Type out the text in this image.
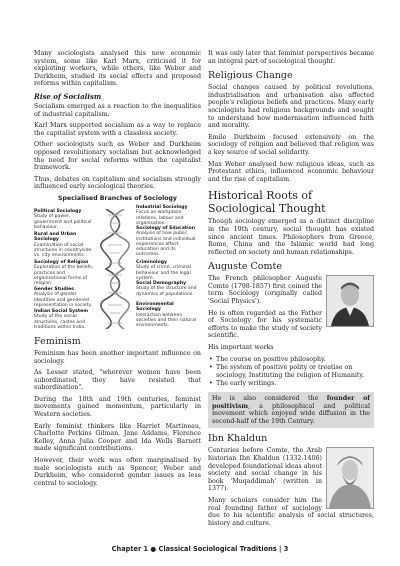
Many sociologists analysed this new economic system, some like Karl Marx, criticised it for exploiting workers, while others, like Weber and Durkheim, studied its social effects and proposed reforms within capitalism.

Rise of Socialism

Socialism emerged as a reaction to the inequalities of industrial capitalism.

Karl Marx supported socialism as a way to replace the capitalist system with a classless society.

Other sociologists such as Weber and Durkheim opposed revolutionary socialism but acknowledged the need for social reforms within the capitalist framework.

Thus, debates on capitalism and socialism strongly influenced early sociological theories.

Specialised Branches of Sociology
Political Sociology
Study of power, government and political behaviour.
Rural and Urban Sociology
Examination of social structures in countryside vs. city environments.
Sociology of Religion
Exploration of the beliefs, practices and organisational forms of religion.
Gender Studies
Analysis of gender identities and gendered representation in society.
Indian Social System
Study of the social structures, castes and traditions within India.
Industrial Sociology
Focus on workplace relations, labour and organisation.
Sociology of Education
Analysis of how public institutions and individual experiences affect education and its outcomes.
Criminology
Study of crime, criminal behaviour and the legal system.
Social Demography
Study of the structure and dynamics of populations.
Environmental Sociology
Interaction between societies and their natural environments.
Feminism

Feminism has been another important influence on sociology.

As Lesser stated, "wherever women have been subordinated, they have resisted that subordination".

During the 18th and 19th centuries, feminist movements gained momentum, particularly in Western societies.

Early feminist thinkers like Harriet Martineau, Charlotte Perkins Gilman, Jane Addams, Florence Kelley, Anna Julia Cooper and Ida Wells Barnett made significant contributions.

However, their work was often marginalised by male sociologists such as Spencer, Weber and Durkheim, who considered gender issues as less central to sociology.

It was only later that feminist perspectives became an integral part of sociological thought.

Religious Change

Social changes caused by political revolutions, industrialisation and urbanisation also affected people's religious beliefs and practices. Many early sociologists had religious backgrounds and sought to understand how modernisation influenced faith and morality.

Emile Durkheim focused extensively on the sociology of religion and believed that religion was a key source of social solidarity.

Max Weber analysed how religious ideas, such as Protestant ethics, influenced economic behaviour and the rise of capitalism.

Historical Roots of Sociological Thought

Though sociology emerged as a distinct discipline in the 19th century, social thought has existed since ancient times. Philosophers from Greece, Rome, China and the Islamic world had long reflected on society and human relationships.

Auguste Comte

The French philosopher Auguste Comte (1798-1857) first coined the term Sociology (originally called 'Social Physics').

He is often regarded as the Father of Sociology for his systematic efforts to make the study of society scientific.

His important works

• The course on positive philosophy.
• The system of positive polity or treatise on sociology, Instituting the religion of Humanity.
• The early writings.

He is also considered the founder of positivism, a philosophical and political movement which enjoyed wide diffusion in the second-half of the 19th Century.

Ibn Khaldun

Centuries before Comte, the Arab historian Ibn Khaldun (1332-1406) developed foundational ideas about society and social change in his book 'Muqaddimah' (written in 1377).

Many scholars consider him the real founding father of sociology due to his scientific analysis of social structures, history and culture.

Chapter 1 ● Classical Sociological Traditions | 3
